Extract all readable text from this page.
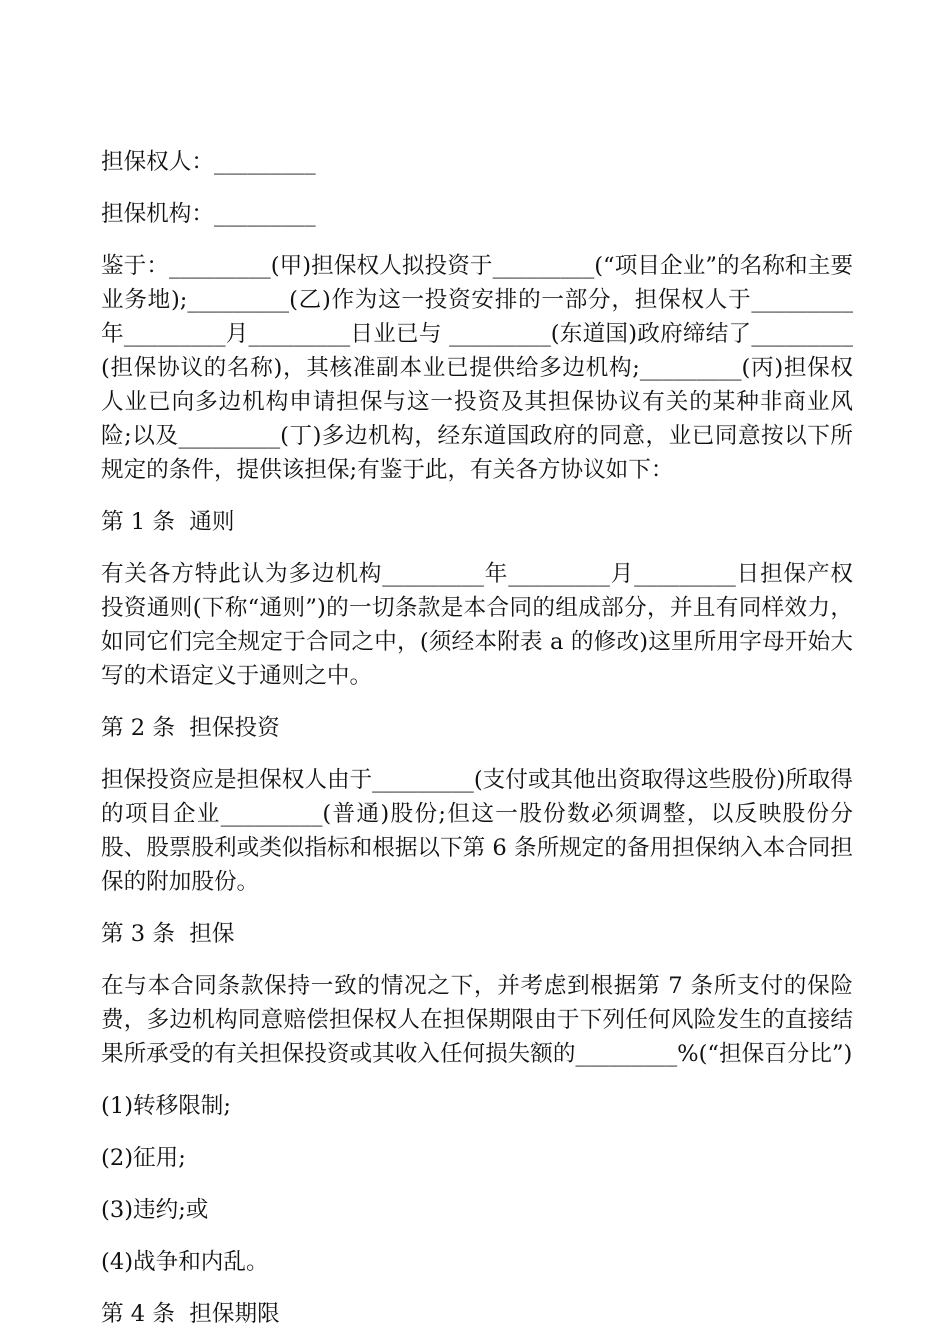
担保权人：_________

担保机构：_________

鉴于：_________(甲)担保权人拟投资于_________(“项目企业”的名称和主要业务地);_________(乙)作为这一投资安排的一部分，担保权人于_________年_________月_________日业已与 _________(东道国)政府缔结了_________(担保协议的名称)，其核准副本业已提供给多边机构;_________(丙)担保权人业已向多边机构申请担保与这一投资及其担保协议有关的某种非商业风险;以及_________(丁)多边机构，经东道国政府的同意，业已同意按以下所规定的条件，提供该担保;有鉴于此，有关各方协议如下：

第 1 条  通则

有关各方特此认为多边机构_________年_________月_________日担保产权投资通则(下称“通则”)的一切条款是本合同的组成部分，并且有同样效力，如同它们完全规定于合同之中，(须经本附表 a 的修改)这里所用字母开始大写的术语定义于通则之中。

第 2 条  担保投资

担保投资应是担保权人由于_________(支付或其他出资取得这些股份)所取得的项目企业_________(普通)股份;但这一股份数必须调整，以反映股份分股、股票股利或类似指标和根据以下第 6 条所规定的备用担保纳入本合同担保的附加股份。

第 3 条  担保

在与本合同条款保持一致的情况之下，并考虑到根据第 7 条所支付的保险费，多边机构同意赔偿担保权人在担保期限由于下列任何风险发生的直接结果所承受的有关担保投资或其收入任何损失额的_________%(“担保百分比”)

(1)转移限制;

(2)征用;

(3)违约;或

(4)战争和内乱。

第 4 条  担保期限
